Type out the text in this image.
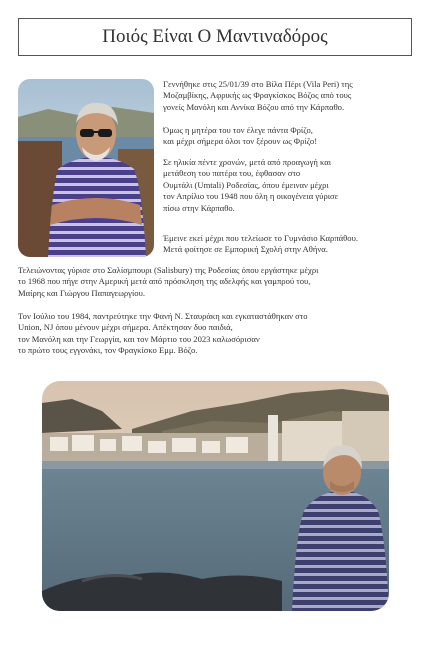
Ποιός Είναι Ο Μαντιναδόρος

Γεννήθηκε στις 25/01/39 στο Βίλα Πέρι (Vila Peri) της
Μοζαμβίκης, Αφρικής ως Φραγκίσκος Βόζος από τους
γονείς Μανόλη και Αννίκα Βόζου από την Κάρπαθο.

Όμως η μητέρα του τον έλεγε πάντα Φρίζο,
και μέχρι σήμερα όλοι τον ξέρουν ως Φρίζο!

Σε ηλικία πέντε χρονών, μετά από προαγωγή και
μετάθεση του πατέρα του, έφθασαν στο
Ουμτάλι (Umtali) Ροδεσίας, όπου έμειναν μέχρι
τον Απρίλιο του 1948 που όλη η οικογένεια γύρισε
πίσω στην Κάρπαθο.

Έμεινε εκεί μέχρι που τελείωσε το Γυμνάσιο Καρπάθου.
Μετά φοίτησε σε Εμπορική Σχολή στην Αθήνα.

Τελειώνοντας γύρισε στο Σαλίσμπουρι (Salisbury) της Ροδεσίας όπου εργάστηκε μέχρι
το 1968 που πήγε στην Αμερική μετά από πρόσκληση της αδελφής και γαμπρού του,
Μαίρης και Γιώργου Παπαγεωργίου.

Τον Ιούλιο του 1984, παντρεύτηκε την Φανή Ν. Σταυράκη και εγκαταστάθηκαν στο
Union, NJ όπου μένουν μέχρι σήμερα. Απέκτησαν δυο παιδιά,
τον Μανόλη και την Γεωργία, και τον Μάρτιο του 2023 καλωσόρισαν
το πρώτο τους εγγονάκι, τον Φραγκίσκο Εμμ. Βόζο.
